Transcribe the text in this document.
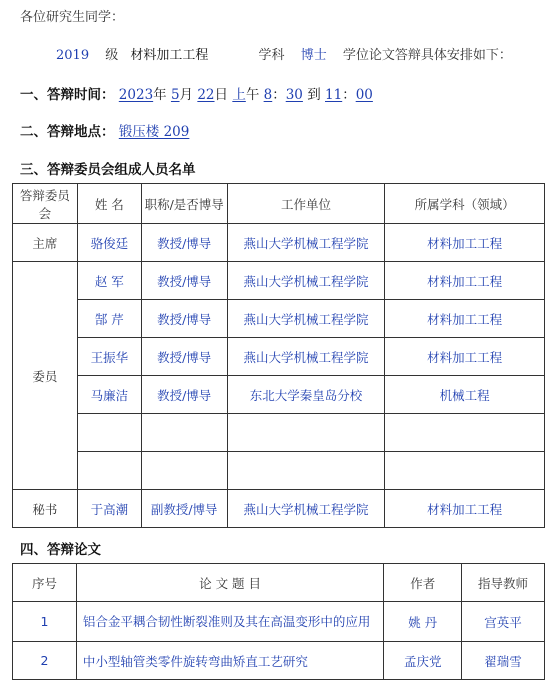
各位研究生同学：
2019 级 材料加工工程	学科 博士 学位论文答辩具体安排如下：
一、答辩时间： 2023年 5月 22日 上午 8：30 到 11：00
二、答辩地点： 锻压楼 209
三、答辩委员会组成人员名单
答辩委员会	姓 名	职称/是否博导	工作单位	所属学科（领域）
主席	骆俊廷	教授/博导	燕山大学机械工程学院	材料加工工程
委员	赵 军	教授/博导	燕山大学机械工程学院	材料加工工程
	郜 芹	教授/博导	燕山大学机械工程学院	材料加工工程
	王振华	教授/博导	燕山大学机械工程学院	材料加工工程
	马廉洁	教授/博导	东北大学秦皇岛分校	机械工程

秘书	于高潮	副教授/博导	燕山大学机械工程学院	材料加工工程
四、答辩论文
序号	论 文 题 目	作者	指导教师
1	铝合金平耦合韧性断裂准则及其在高温变形中的应用	姚 丹	宫英平
2	中小型轴管类零件旋转弯曲矫直工艺研究	孟庆党	翟瑞雪
